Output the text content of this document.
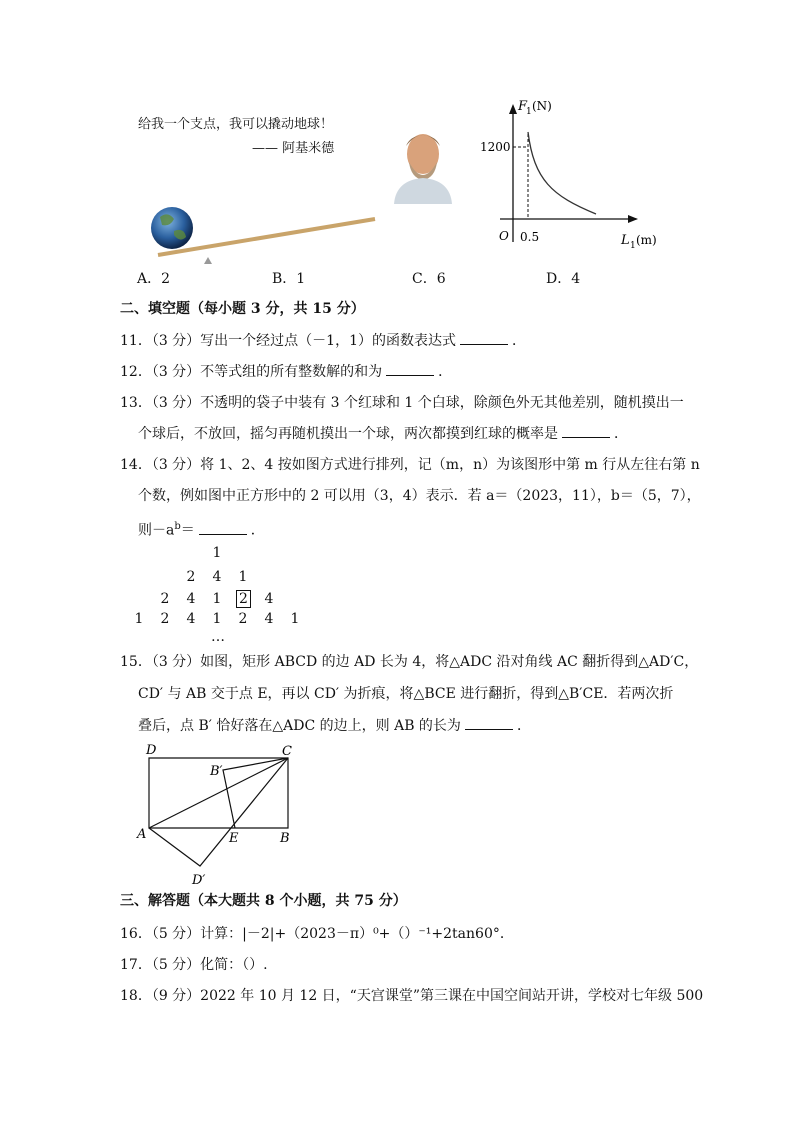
给我一个支点，我可以撬动地球！
—— 阿基米德
F
1 (N)
1200
O 0.5	L 1 (m)
A．2	B．1	C．6	D．4
二、填空题（每小题 3 分，共 15 分）
11．（3 分）写出一个经过点（－1，1）的函数表达式	．
12．（3 分）不等式组的所有整数解的和为	．
13．（3 分）不透明的袋子中装有 3 个红球和 1 个白球，除颜色外无其他差别，随机摸出一
个球后，不放回，摇匀再随机摸出一个球，两次都摸到红球的概率是	．
14．（3 分）将 1、2、4 按如图方式进行排列，记（m，n）为该图形中第 m 行从左往右第 n
个数，例如图中正方形中的 2 可以用（3，4）表示．若 a＝（2023，11），b＝（5，7），
则$-a^b=$	．
1
2 4 1
2 4 1 2 4
1 2 4 1 2 4 1
…
15．（3 分）如图，矩形 ABCD 的边 AD 长为 4，将△ADC 沿对角线 AC 翻折得到△AD′C，
CD′ 与 AB 交于点 E，再以 CD′ 为折痕，将△BCE 进行翻折，得到△B′CE．若两次折
叠后，点 B′ 恰好落在△ADC 的边上，则 AB 的长为	．
D	C
B′
A	E	B
D′
三、解答题（本大题共 8 个小题，共 75 分）
16．（5 分）计算：|－2|+（2023－π）⁰+（）⁻¹+2tan60°．
17．（5 分）化简：（）.
18．（9 分）2022 年 10 月 12 日，“天宫课堂”第三课在中国空间站开讲，学校对七年级 500
